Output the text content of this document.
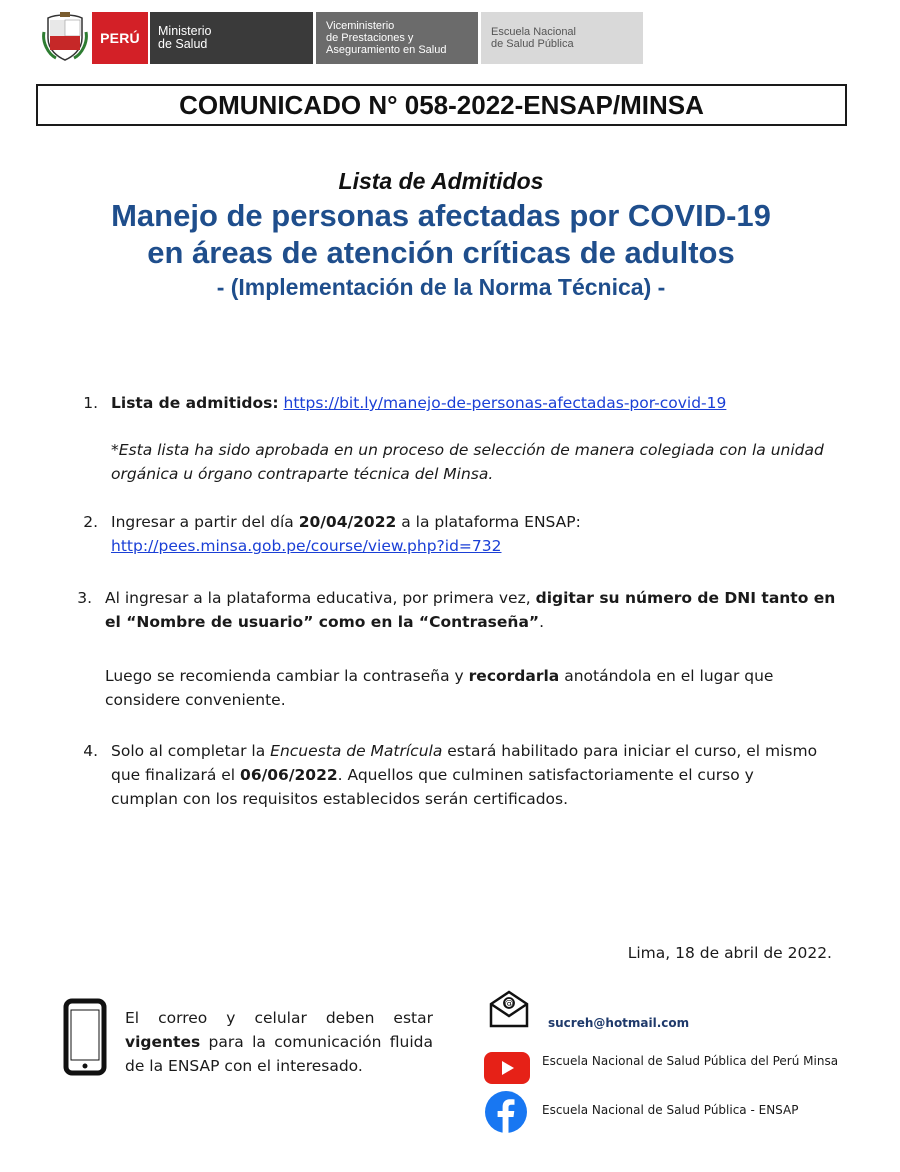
PERÚ	Ministerio
de Salud
Viceministerio
de Prestaciones y
Aseguramiento en Salud
Escuela Nacional
de Salud Pública
COMUNICADO N° 058-2022-ENSAP/MINSA
Lista de Admitidos
Manejo de personas afectadas por COVID-19
en áreas de atención críticas de adultos
- (Implementación de la Norma Técnica) -
1. Lista de admitidos: https://bit.ly/manejo-de-personas-afectadas-por-covid-19
*Esta lista ha sido aprobada en un proceso de selección de manera colegiada con la unidad
orgánica u órgano contraparte técnica del Minsa.
2. Ingresar a partir del día 20/04/2022 a la plataforma ENSAP:
http://pees.minsa.gob.pe/course/view.php?id=732
3. Al ingresar a la plataforma educativa, por primera vez, digitar su número de DNI tanto en
el “Nombre de usuario” como en la “Contraseña”.
Luego se recomienda cambiar la contraseña y recordarla anotándola en el lugar que
considere conveniente.
4. Solo al completar la Encuesta de Matrícula estará habilitado para iniciar el curso, el mismo
que finalizará el 06/06/2022. Aquellos que culminen satisfactoriamente el curso y
cumplan con los requisitos establecidos serán certificados.
Lima, 18 de abril de 2022.
El correo y celular deben estar
vigentes para la comunicación fluida
de la ENSAP con el interesado.
@
sucreh@hotmail.com
Escuela Nacional de Salud Pública del Perú Minsa
Escuela Nacional de Salud Pública - ENSAP
